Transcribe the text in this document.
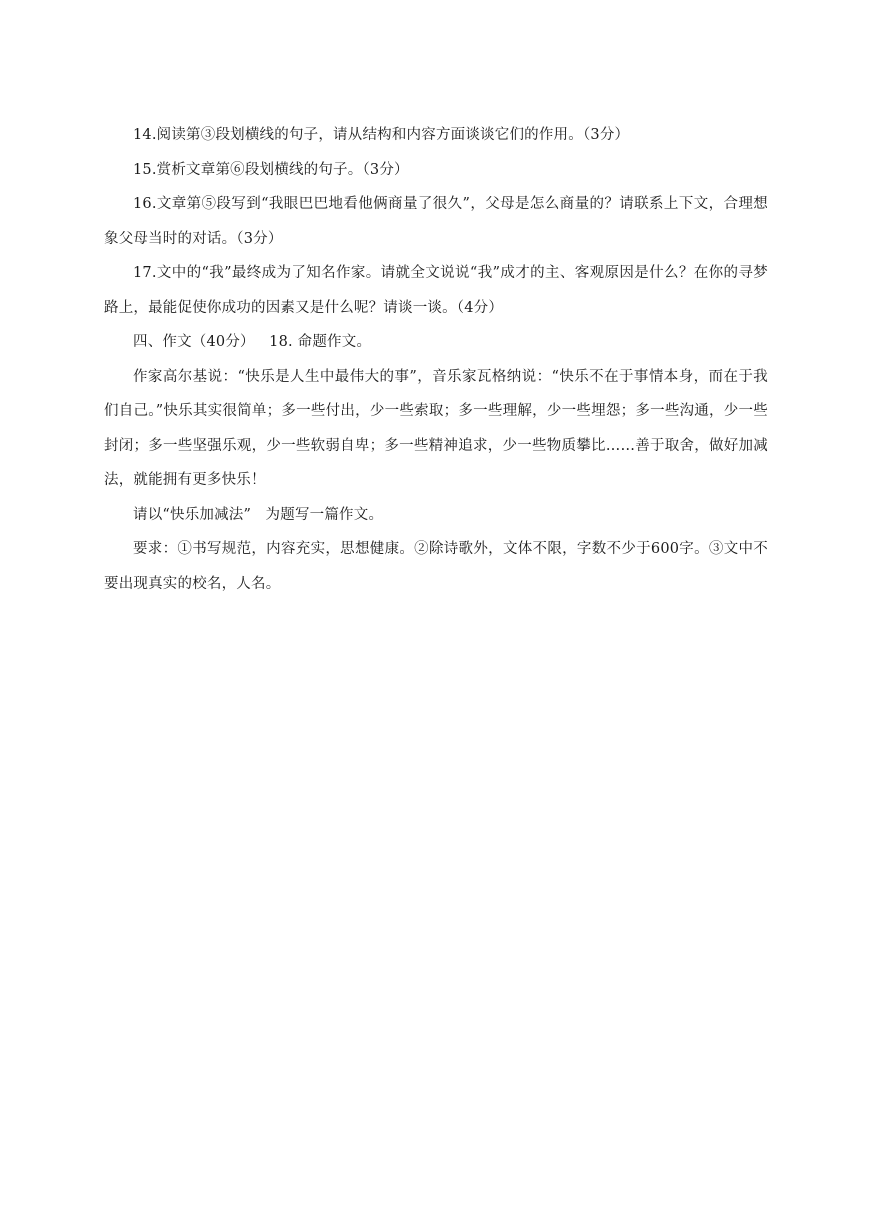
14.阅读第③段划横线的句子，请从结构和内容方面谈谈它们的作用。（3分）

15.赏析文章第⑥段划横线的句子。（3分）

16.文章第⑤段写到“我眼巴巴地看他俩商量了很久”，父母是怎么商量的？请联系上下文，合理想象父母当时的对话。（3分）

17.文中的“我”最终成为了知名作家。请就全文说说“我”成才的主、客观原因是什么？在你的寻梦路上，最能促使你成功的因素又是什么呢？请谈一谈。（4分）

四、作文（40分）   18. 命题作文。

作家高尔基说：“快乐是人生中最伟大的事”，音乐家瓦格纳说：“快乐不在于事情本身，而在于我们自己。”快乐其实很简单；多一些付出，少一些索取；多一些理解，少一些埋怨；多一些沟通，少一些封闭；多一些坚强乐观，少一些软弱自卑；多一些精神追求，少一些物质攀比……善于取舍，做好加减法，就能拥有更多快乐！

请以“快乐加减法”   为题写一篇作文。

要求：①书写规范，内容充实，思想健康。②除诗歌外，文体不限，字数不少于600字。③文中不要出现真实的校名，人名。
